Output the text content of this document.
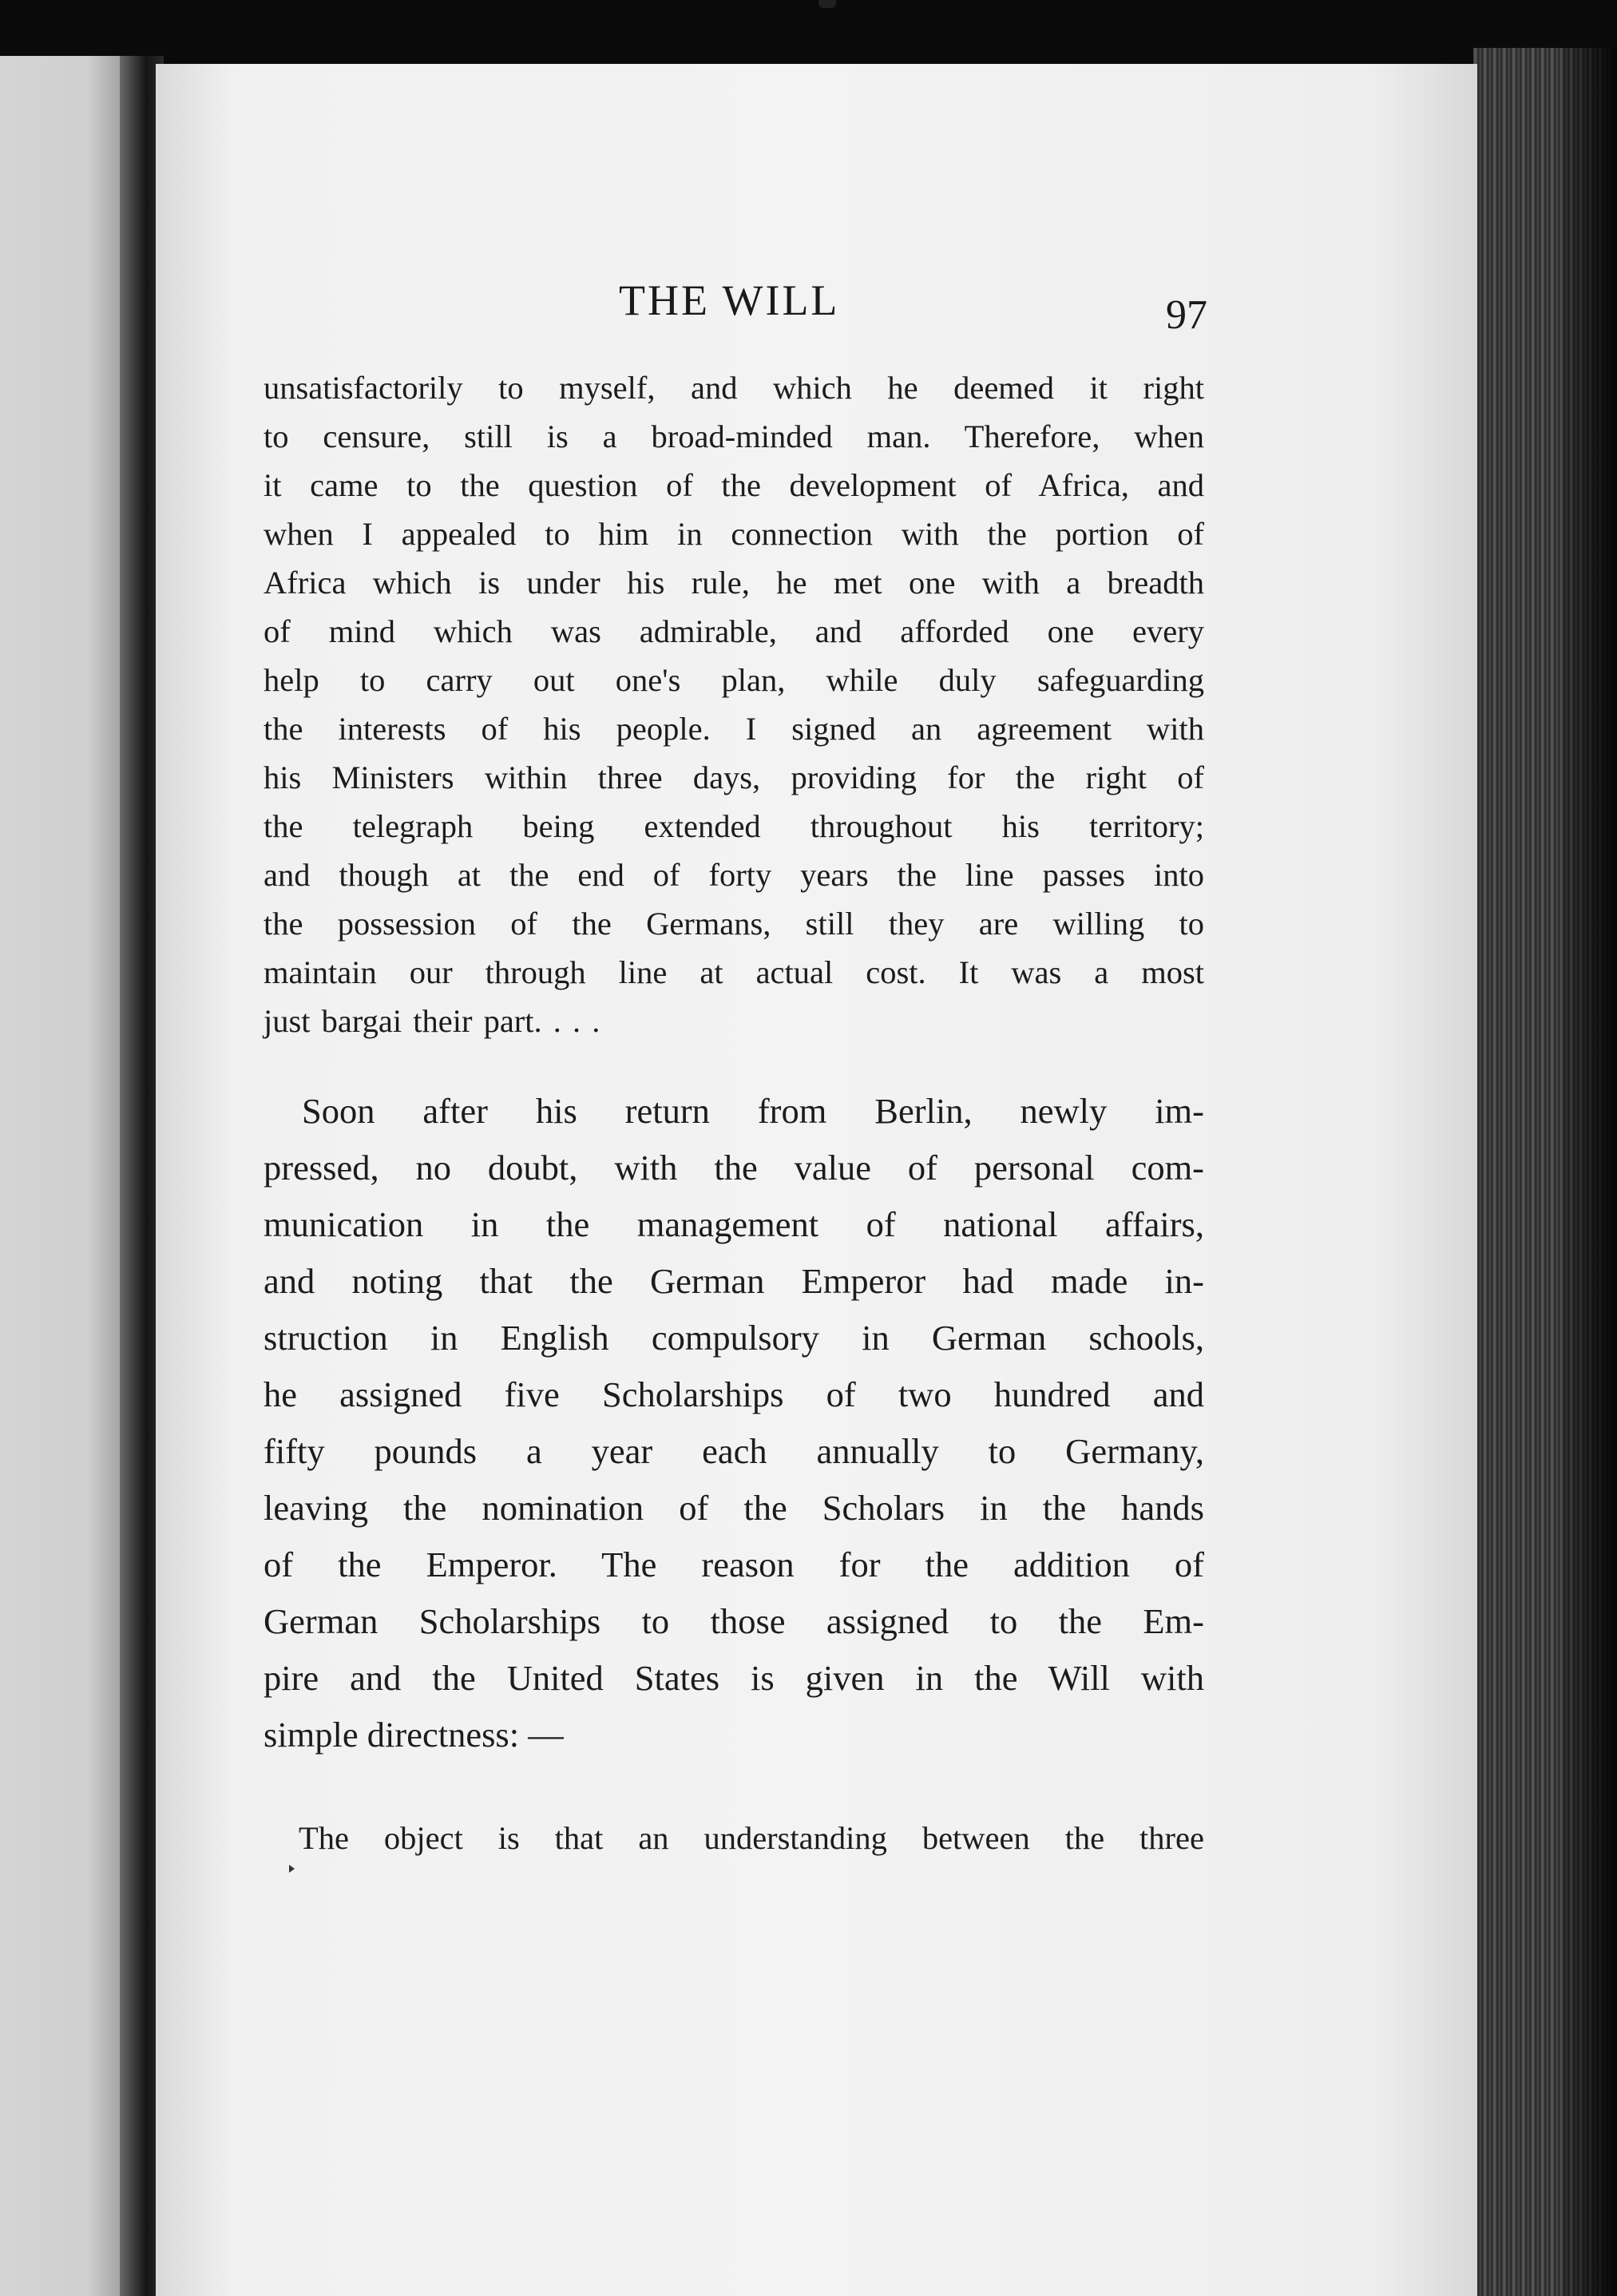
THE WILL	97
unsatisfactorily to myself, and which he deemed it right
to censure, still is a broad-minded man. Therefore, when
it came to the question of the development of Africa, and
when I appealed to him in connection with the portion of
Africa which is under his rule, he met one with a breadth
of mind which was admirable, and afforded one every
help to carry out one's plan, while duly safeguarding
the interests of his people. I signed an agreement with
his Ministers within three days, providing for the right of
the telegraph being extended throughout his territory;
and though at the end of forty years the line passes into
the possession of the Germans, still they are willing to
maintain our through line at actual cost. It was a most
just bargai their part. . . .
Soon after his return from Berlin, newly im-
pressed, no doubt, with the value of personal com-
munication in the management of national affairs,
and noting that the German Emperor had made in-
struction in English compulsory in German schools,
he assigned five Scholarships of two hundred and
fifty pounds a year each annually to Germany,
leaving the nomination of the Scholars in the hands
of the Emperor. The reason for the addition of
German Scholarships to those assigned to the Em-
pire and the United States is given in the Will with
simple directness: —
The object is that an understanding between the three
